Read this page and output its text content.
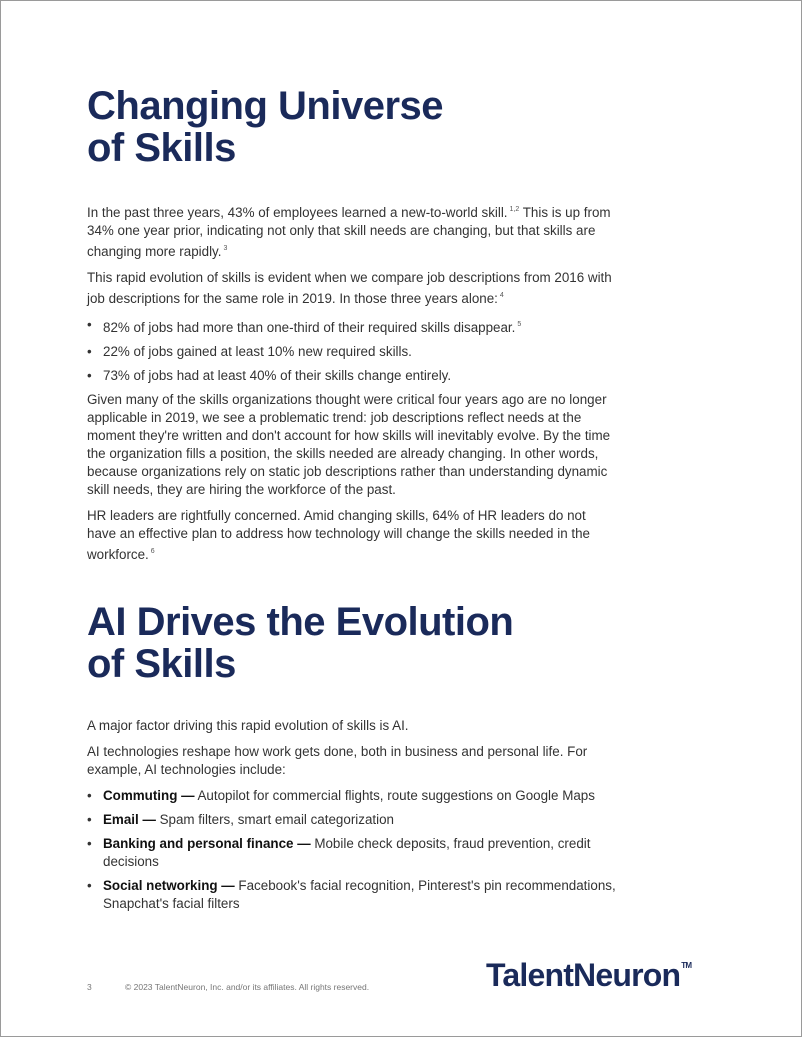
Changing Universe
of Skills

In the past three years, 43% of employees learned a new-to-world skill. $^{1,2}$ This is up from 34% one year prior, indicating not only that skill needs are changing, but that skills are changing more rapidly. $^3$

This rapid evolution of skills is evident when we compare job descriptions from 2016 with job descriptions for the same role in 2019. In those three years alone: $^4$

• 82% of jobs had more than one-third of their required skills disappear. $^5$
• 22% of jobs gained at least 10% new required skills.
• 73% of jobs had at least 40% of their skills change entirely.

Given many of the skills organizations thought were critical four years ago are no longer applicable in 2019, we see a problematic trend: job descriptions reflect needs at the moment they're written and don't account for how skills will inevitably evolve. By the time the organization fills a position, the skills needed are already changing. In other words, because organizations rely on static job descriptions rather than understanding dynamic skill needs, they are hiring the workforce of the past.

HR leaders are rightfully concerned. Amid changing skills, 64% of HR leaders do not have an effective plan to address how technology will change the skills needed in the workforce. $^6$

AI Drives the Evolution
of Skills

A major factor driving this rapid evolution of skills is AI.

AI technologies reshape how work gets done, both in business and personal life. For example, AI technologies include:

• Commuting — Autopilot for commercial flights, route suggestions on Google Maps
• Email — Spam filters, smart email categorization
• Banking and personal finance — Mobile check deposits, fraud prevention, credit decisions
• Social networking — Facebook's facial recognition, Pinterest's pin recommendations, Snapchat's facial filters
3	© 2023 TalentNeuron, Inc. and/or its affiliates. All rights reserved.	TalentNeuron™
